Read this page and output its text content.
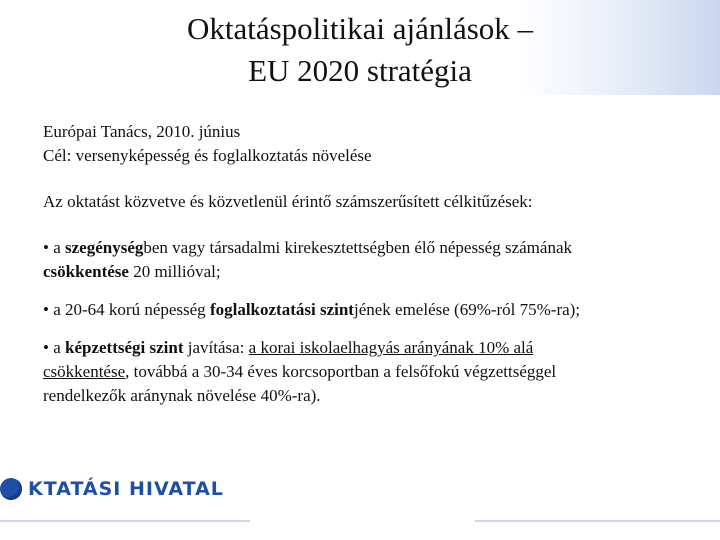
Oktatáspolitikai ajánlások –
EU 2020 stratégia

Európai Tanács, 2010. június

Cél: versenyképesség és foglalkoztatás növelése

Az oktatást közvetve és közvetlenül érintő számszerűsített célkitűzések:

• a szegénységben vagy társadalmi kirekesztettségben élő népesség számának
csökkentése 20 millióval;

• a 20-64 korú népesség foglalkoztatási szintjének emelése (69%-ról 75%-ra);

• a képzettségi szint javítása: a korai iskolaelhagyás arányának 10% alá
csökkentése, továbbá a 30-34 éves korcsoportban a felsőfokú végzettséggel
rendelkezők aránynak növelése 40%-ra).

KTATÁSI HIVATAL
